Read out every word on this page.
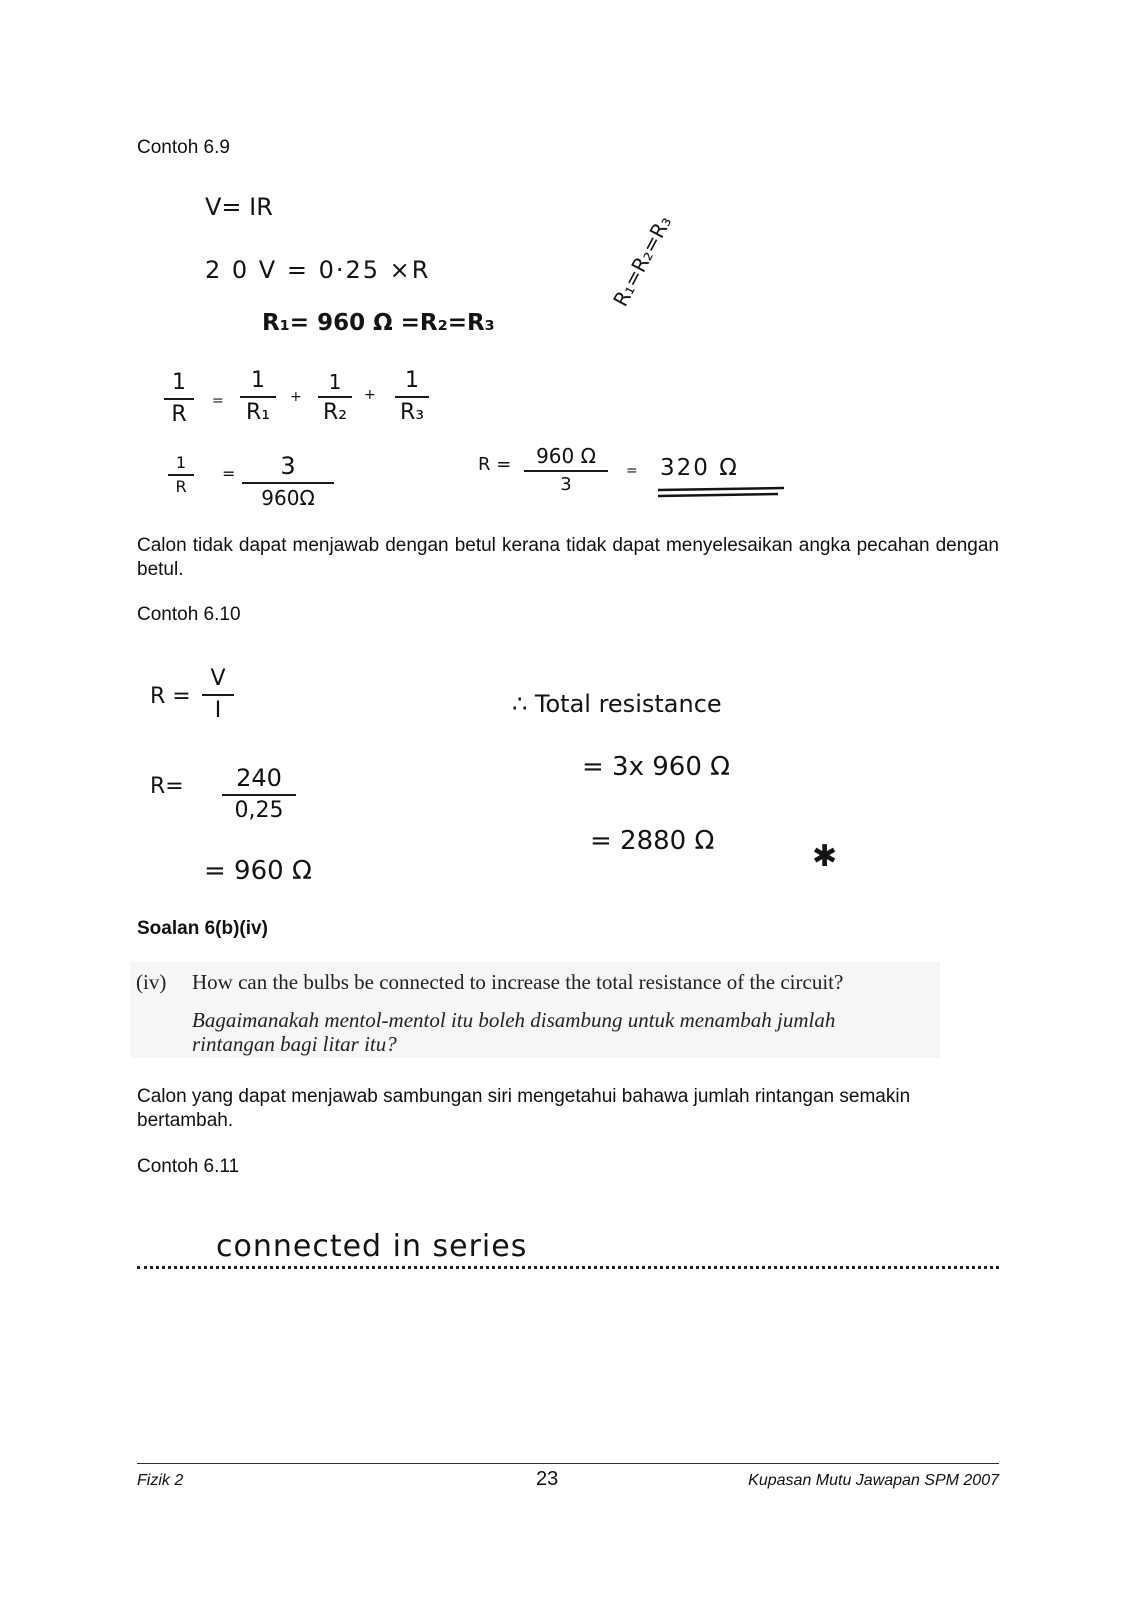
Contoh 6.9
V= IR
2 0 V = 0·25 ×R
R₁= 960 Ω =R₂=R₃
R₁=R₂=R₃
1
R
=
1
R₁
+
1
R₂
+
1
R₃
1
R
=	3
960Ω
R =	960 Ω
3
= 320 Ω
Calon tidak dapat menjawab dengan betul kerana tidak dapat menyelesaikan angka pecahan dengan betul.
Contoh 6.10
R =
V
I
R=	240
0,25
= 960 Ω
∴ Total resistance
= 3x 960 Ω
= 2880 Ω	✱
Soalan 6(b)(iv)
(iv) How can the bulbs be connected to increase the total resistance of the circuit?
Bagaimanakah mentol-mentol itu boleh disambung untuk menambah jumlah
rintangan bagi litar itu?
Calon yang dapat menjawab sambungan siri mengetahui bahawa jumlah rintangan semakin bertambah.
Contoh 6.11
connected in series
Fizik 2	23	Kupasan Mutu Jawapan SPM 2007
